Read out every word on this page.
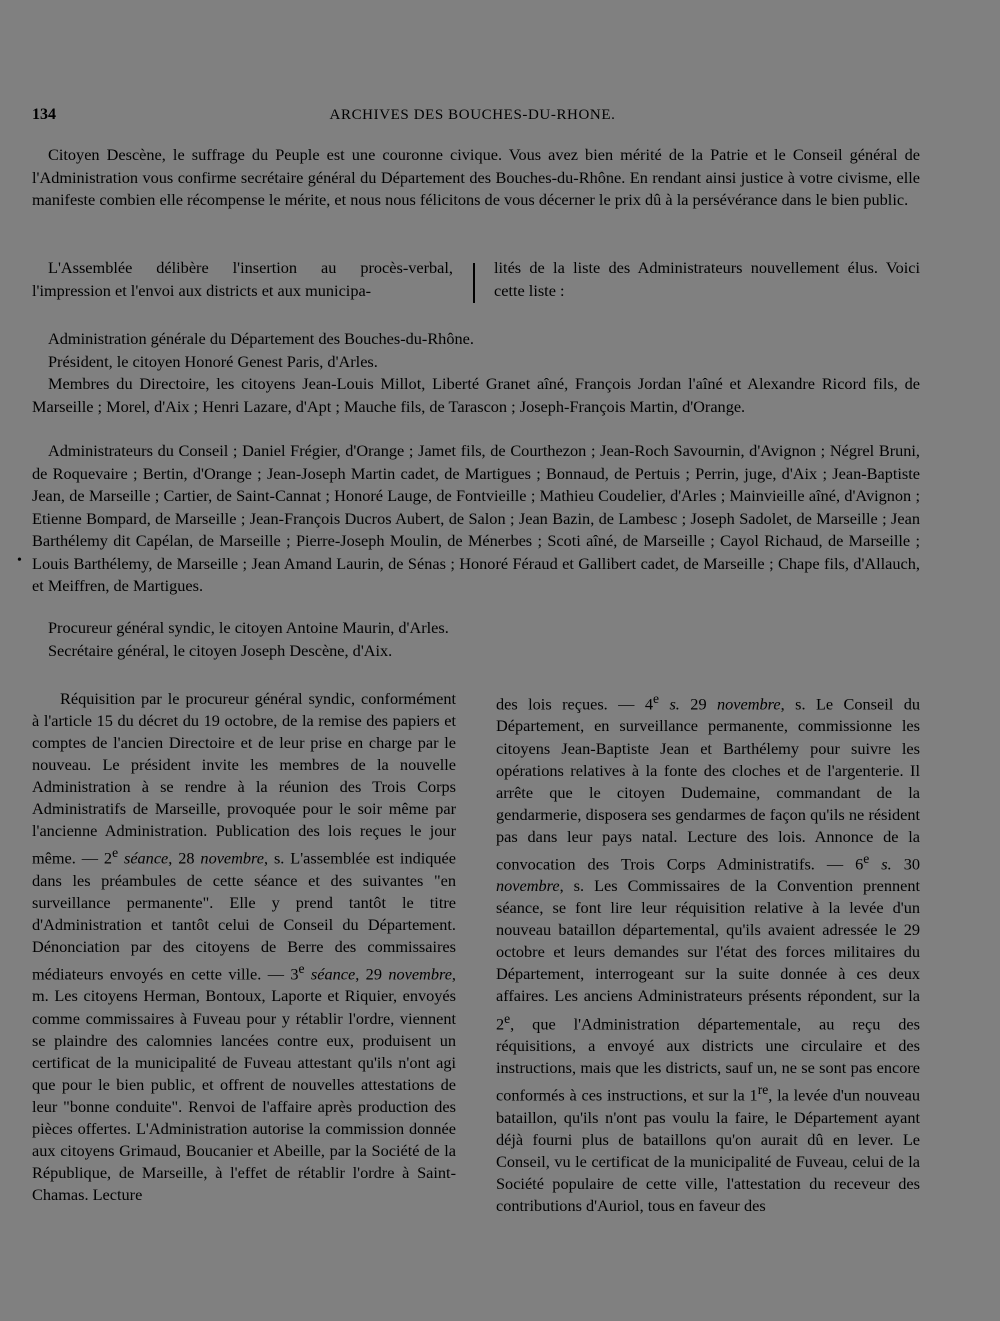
134	ARCHIVES DES BOUCHES-DU-RHONE.

Citoyen Descène, le suffrage du Peuple est une couronne civique. Vous avez bien mérité de la Patrie et le Conseil général de l'Administration vous confirme secrétaire général du Département des Bouches-du-Rhône. En rendant ainsi justice à votre civisme, elle manifeste combien elle récompense le mérite, et nous nous félicitons de vous décerner le prix dû à la persévérance dans le bien public.

L'Assemblée délibère l'insertion au procès-verbal, l'impression et l'envoi aux districts et aux municipa-

lités de la liste des Administrateurs nouvellement élus. Voici cette liste :

Administration générale du Département des Bouches-du-Rhône.

Président, le citoyen Honoré Genest Paris, d'Arles.

Membres du Directoire, les citoyens Jean-Louis Millot, Liberté Granet aîné, François Jordan l'aîné et Alexandre Ricord fils, de Marseille ; Morel, d'Aix ; Henri Lazare, d'Apt ; Mauche fils, de Tarascon ; Joseph-François Martin, d'Orange.

Administrateurs du Conseil ; Daniel Frégier, d'Orange ; Jamet fils, de Courthezon ; Jean-Roch Savournin, d'Avignon ; Négrel Bruni, de Roquevaire ; Bertin, d'Orange ; Jean-Joseph Martin cadet, de Martigues ; Bonnaud, de Pertuis ; Perrin, juge, d'Aix ; Jean-Baptiste Jean, de Marseille ; Cartier, de Saint-Cannat ; Honoré Lauge, de Fontvieille ; Mathieu Coudelier, d'Arles ; Mainvieille aîné, d'Avignon ; Etienne Bompard, de Marseille ; Jean-François Ducros Aubert, de Salon ; Jean Bazin, de Lambesc ; Joseph Sadolet, de Marseille ; Jean Barthélemy dit Capélan, de Marseille ; Pierre-Joseph Moulin, de Ménerbes ; Scoti aîné, de Marseille ; Cayol Richaud, de Marseille ; Louis Barthélemy, de Marseille ; Jean Amand Laurin, de Sénas ; Honoré Féraud et Gallibert cadet, de Marseille ; Chape fils, d'Allauch, et Meiffren, de Martigues.

Procureur général syndic, le citoyen Antoine Maurin, d'Arles.

Secrétaire général, le citoyen Joseph Descène, d'Aix.

•

Réquisition par le procureur général syndic, conformément à l'article 15 du décret du 19 octobre, de la remise des papiers et comptes de l'ancien Directoire et de leur prise en charge par le nouveau. Le président invite les membres de la nouvelle Administration à se rendre à la réunion des Trois Corps Administratifs de Marseille, provoquée pour le soir même par l'ancienne Administration. Publication des lois reçues le jour même. — 2e séance, 28 novembre, s. L'assemblée est indiquée dans les préambules de cette séance et des suivantes "en surveillance permanente". Elle y prend tantôt le titre d'Administration et tantôt celui de Conseil du Département. Dénonciation par des citoyens de Berre des commissaires médiateurs envoyés en cette ville. — 3e séance, 29 novembre, m. Les citoyens Herman, Bontoux, Laporte et Riquier, envoyés comme commissaires à Fuveau pour y rétablir l'ordre, viennent se plaindre des calomnies lancées contre eux, produisent un certificat de la municipalité de Fuveau attestant qu'ils n'ont agi que pour le bien public, et offrent de nouvelles attestations de leur "bonne conduite". Renvoi de l'affaire après production des pièces offertes. L'Administration autorise la commission donnée aux citoyens Grimaud, Boucanier et Abeille, par la Société de la République, de Marseille, à l'effet de rétablir l'ordre à Saint-Chamas. Lecture

des lois reçues. — 4e s. 29 novembre, s. Le Conseil du Département, en surveillance permanente, commissionne les citoyens Jean-Baptiste Jean et Barthélemy pour suivre les opérations relatives à la fonte des cloches et de l'argenterie. Il arrête que le citoyen Dudemaine, commandant de la gendarmerie, disposera ses gendarmes de façon qu'ils ne résident pas dans leur pays natal. Lecture des lois. Annonce de la convocation des Trois Corps Administratifs. — 6e s. 30 novembre, s. Les Commissaires de la Convention prennent séance, se font lire leur réquisition relative à la levée d'un nouveau bataillon départemental, qu'ils avaient adressée le 29 octobre et leurs demandes sur l'état des forces militaires du Département, interrogeant sur la suite donnée à ces deux affaires. Les anciens Administrateurs présents répondent, sur la 2e, que l'Administration départementale, au reçu des réquisitions, a envoyé aux districts une circulaire et des instructions, mais que les districts, sauf un, ne se sont pas encore conformés à ces instructions, et sur la 1re, la levée d'un nouveau bataillon, qu'ils n'ont pas voulu la faire, le Département ayant déjà fourni plus de bataillons qu'on aurait dû en lever. Le Conseil, vu le certificat de la municipalité de Fuveau, celui de la Société populaire de cette ville, l'attestation du receveur des contributions d'Auriol, tous en faveur des
